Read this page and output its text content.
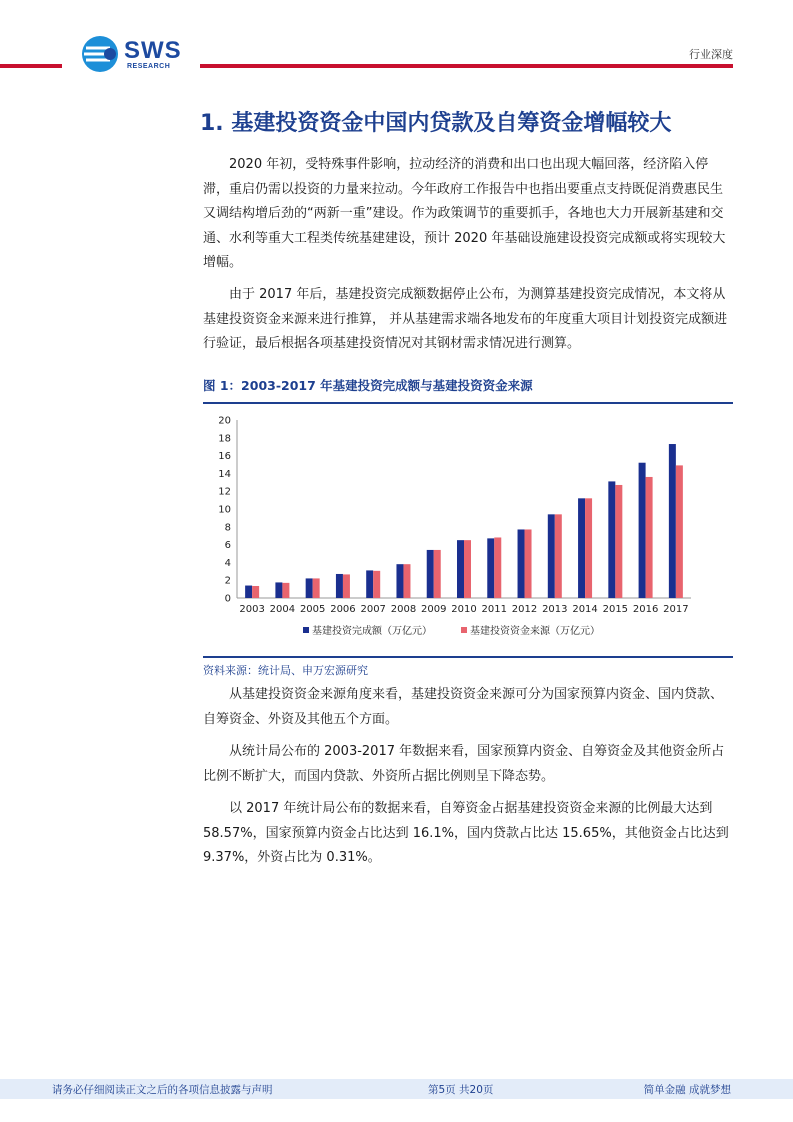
SWS
RESEARCH
行业深度
1. 基建投资资金中国内贷款及自筹资金增幅较大
2020 年初，受特殊事件影响，拉动经济的消费和出口也出现大幅回落，经济陷入停滞，重启仍需以投资的力量来拉动。今年政府工作报告中也指出要重点支持既促消费惠民生又调结构增后劲的“两新一重”建设。作为政策调节的重要抓手，各地也大力开展新基建和交通、水利等重大工程类传统基建建设，预计 2020 年基础设施建设投资完成额或将实现较大增幅。
由于 2017 年后，基建投资完成额数据停止公布，为测算基建投资完成情况，本文将从基建投资资金来源来进行推算， 并从基建需求端各地发布的年度重大项目计划投资完成额进行验证，最后根据各项基建投资情况对其钢材需求情况进行测算。
图 1：2003-2017 年基建投资完成额与基建投资资金来源
0
2
4
6
8
10
12
14
16
18
20
2003 2004 2005 2006 2007 2008 2009 2010 2011 2012 2013 2014 2015 2016 2017
基建投资完成额（万亿元）	基建投资资金来源（万亿元）
资料来源：统计局、申万宏源研究
从基建投资资金来源角度来看，基建投资资金来源可分为国家预算内资金、国内贷款、自筹资金、外资及其他五个方面。
从统计局公布的 2003-2017 年数据来看，国家预算内资金、自筹资金及其他资金所占比例不断扩大，而国内贷款、外资所占据比例则呈下降态势。
以 2017 年统计局公布的数据来看，自筹资金占据基建投资资金来源的比例最大达到 58.57%，国家预算内资金占比达到 16.1%，国内贷款占比达 15.65%，其他资金占比达到 9.37%，外资占比为 0.31%。
请务必仔细阅读正文之后的各项信息披露与声明	第5页 共20页	简单金融 成就梦想
